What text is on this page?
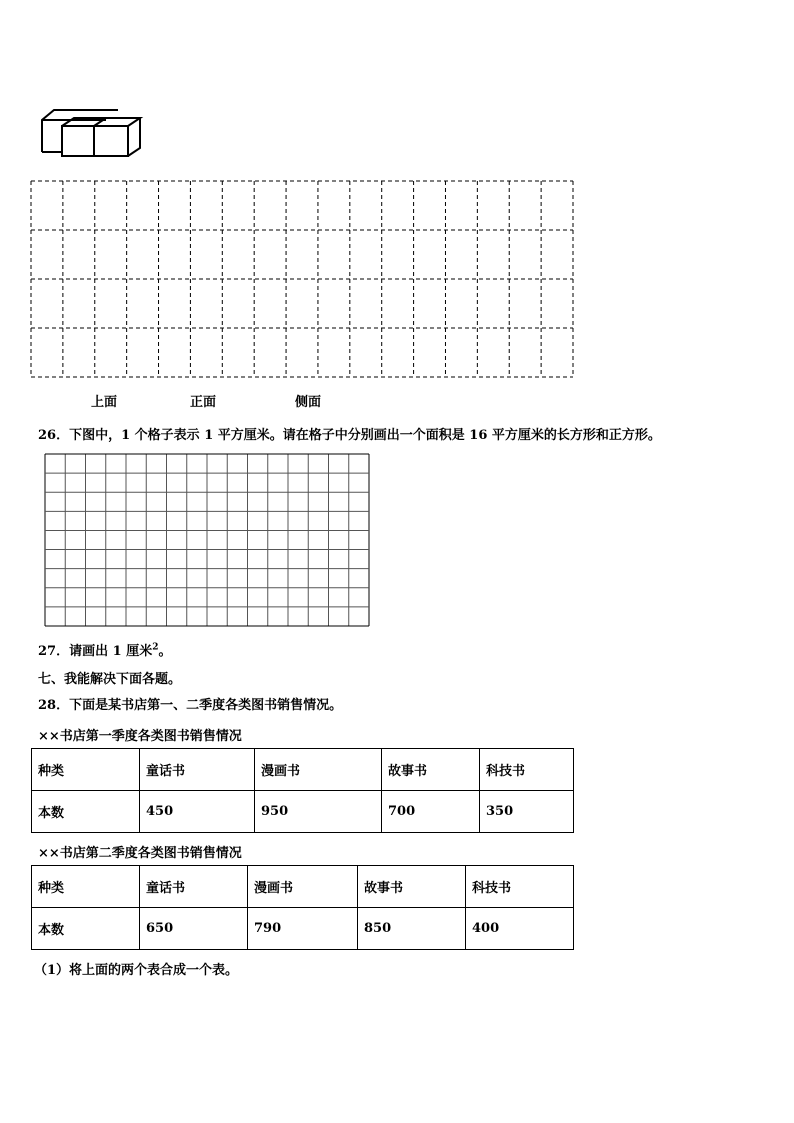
上面	正面	侧面
26．下图中，1 个格子表示 1 平方厘米。请在格子中分别画出一个面积是 16 平方厘米的长方形和正方形。
27．请画出 1 厘米$^2$。
七、我能解决下面各题。
28．下面是某书店第一、二季度各类图书销售情况。
××书店第一季度各类图书销售情况
种类	童话书	漫画书	故事书	科技书
本数	450	950	700	350
××书店第二季度各类图书销售情况
种类	童话书	漫画书	故事书	科技书
本数	650	790	850	400
（1）将上面的两个表合成一个表。
